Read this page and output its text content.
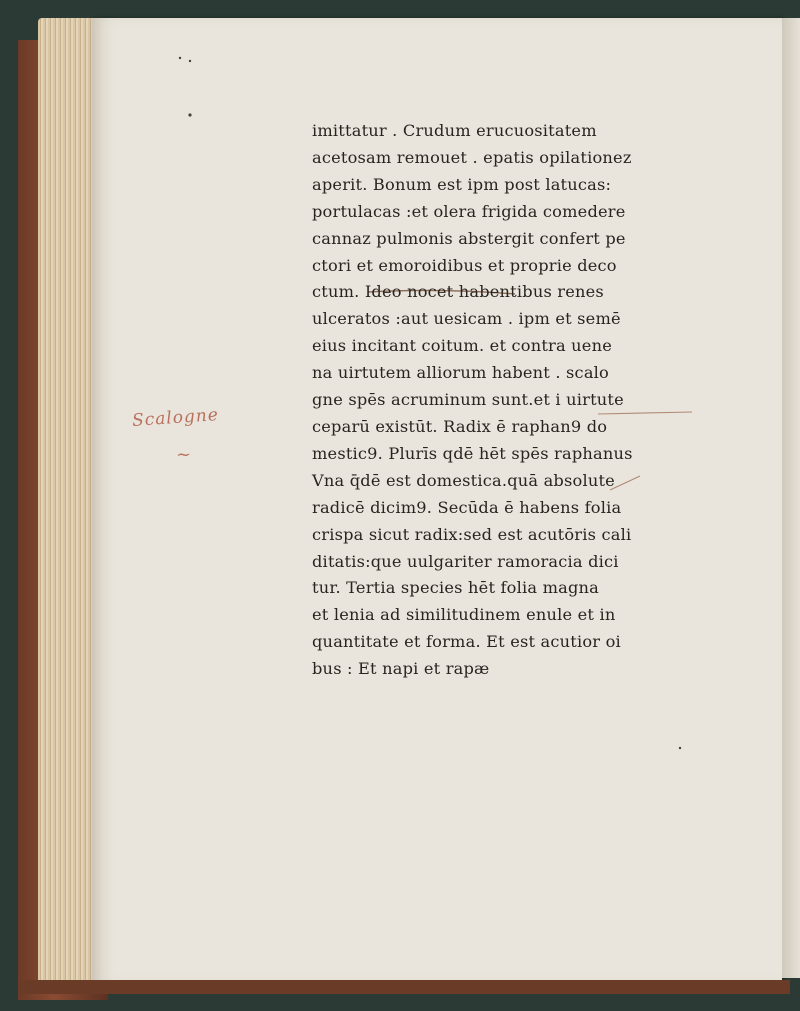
Scalogne
~
imittatur . Crudum erucuositatem
acetosam remouet . epatis opilationez
aperit. Bonum est ipm post latucas:
portulacas :et olera frigida comedere
cannaz pulmonis abstergit confert pe
ctori et emoroidibus et proprie deco
ctum. Ideo nocet habentibus renes
ulceratos :aut uesicam . ipm et semē
eius incitant coitum. et contra uene
na uirtutem alliorum habent . scalo
gne spēs acruminum sunt.et i uirtute
ceparū existūt. Radix ē raphan9 do
mestic9. Plurīs qdē hēt spēs raphanus
Vna q̄dē est domestica.quā absolute
radicē dicim9. Secūda ē habens folia
crispa sicut radix:sed est acutōris cali
ditatis:que uulgariter ramoracia dici
tur. Tertia species hēt folia magna
et lenia ad similitudinem enule et in
quantitate et forma. Et est acutior oi
bus : Et napi et rapæ
